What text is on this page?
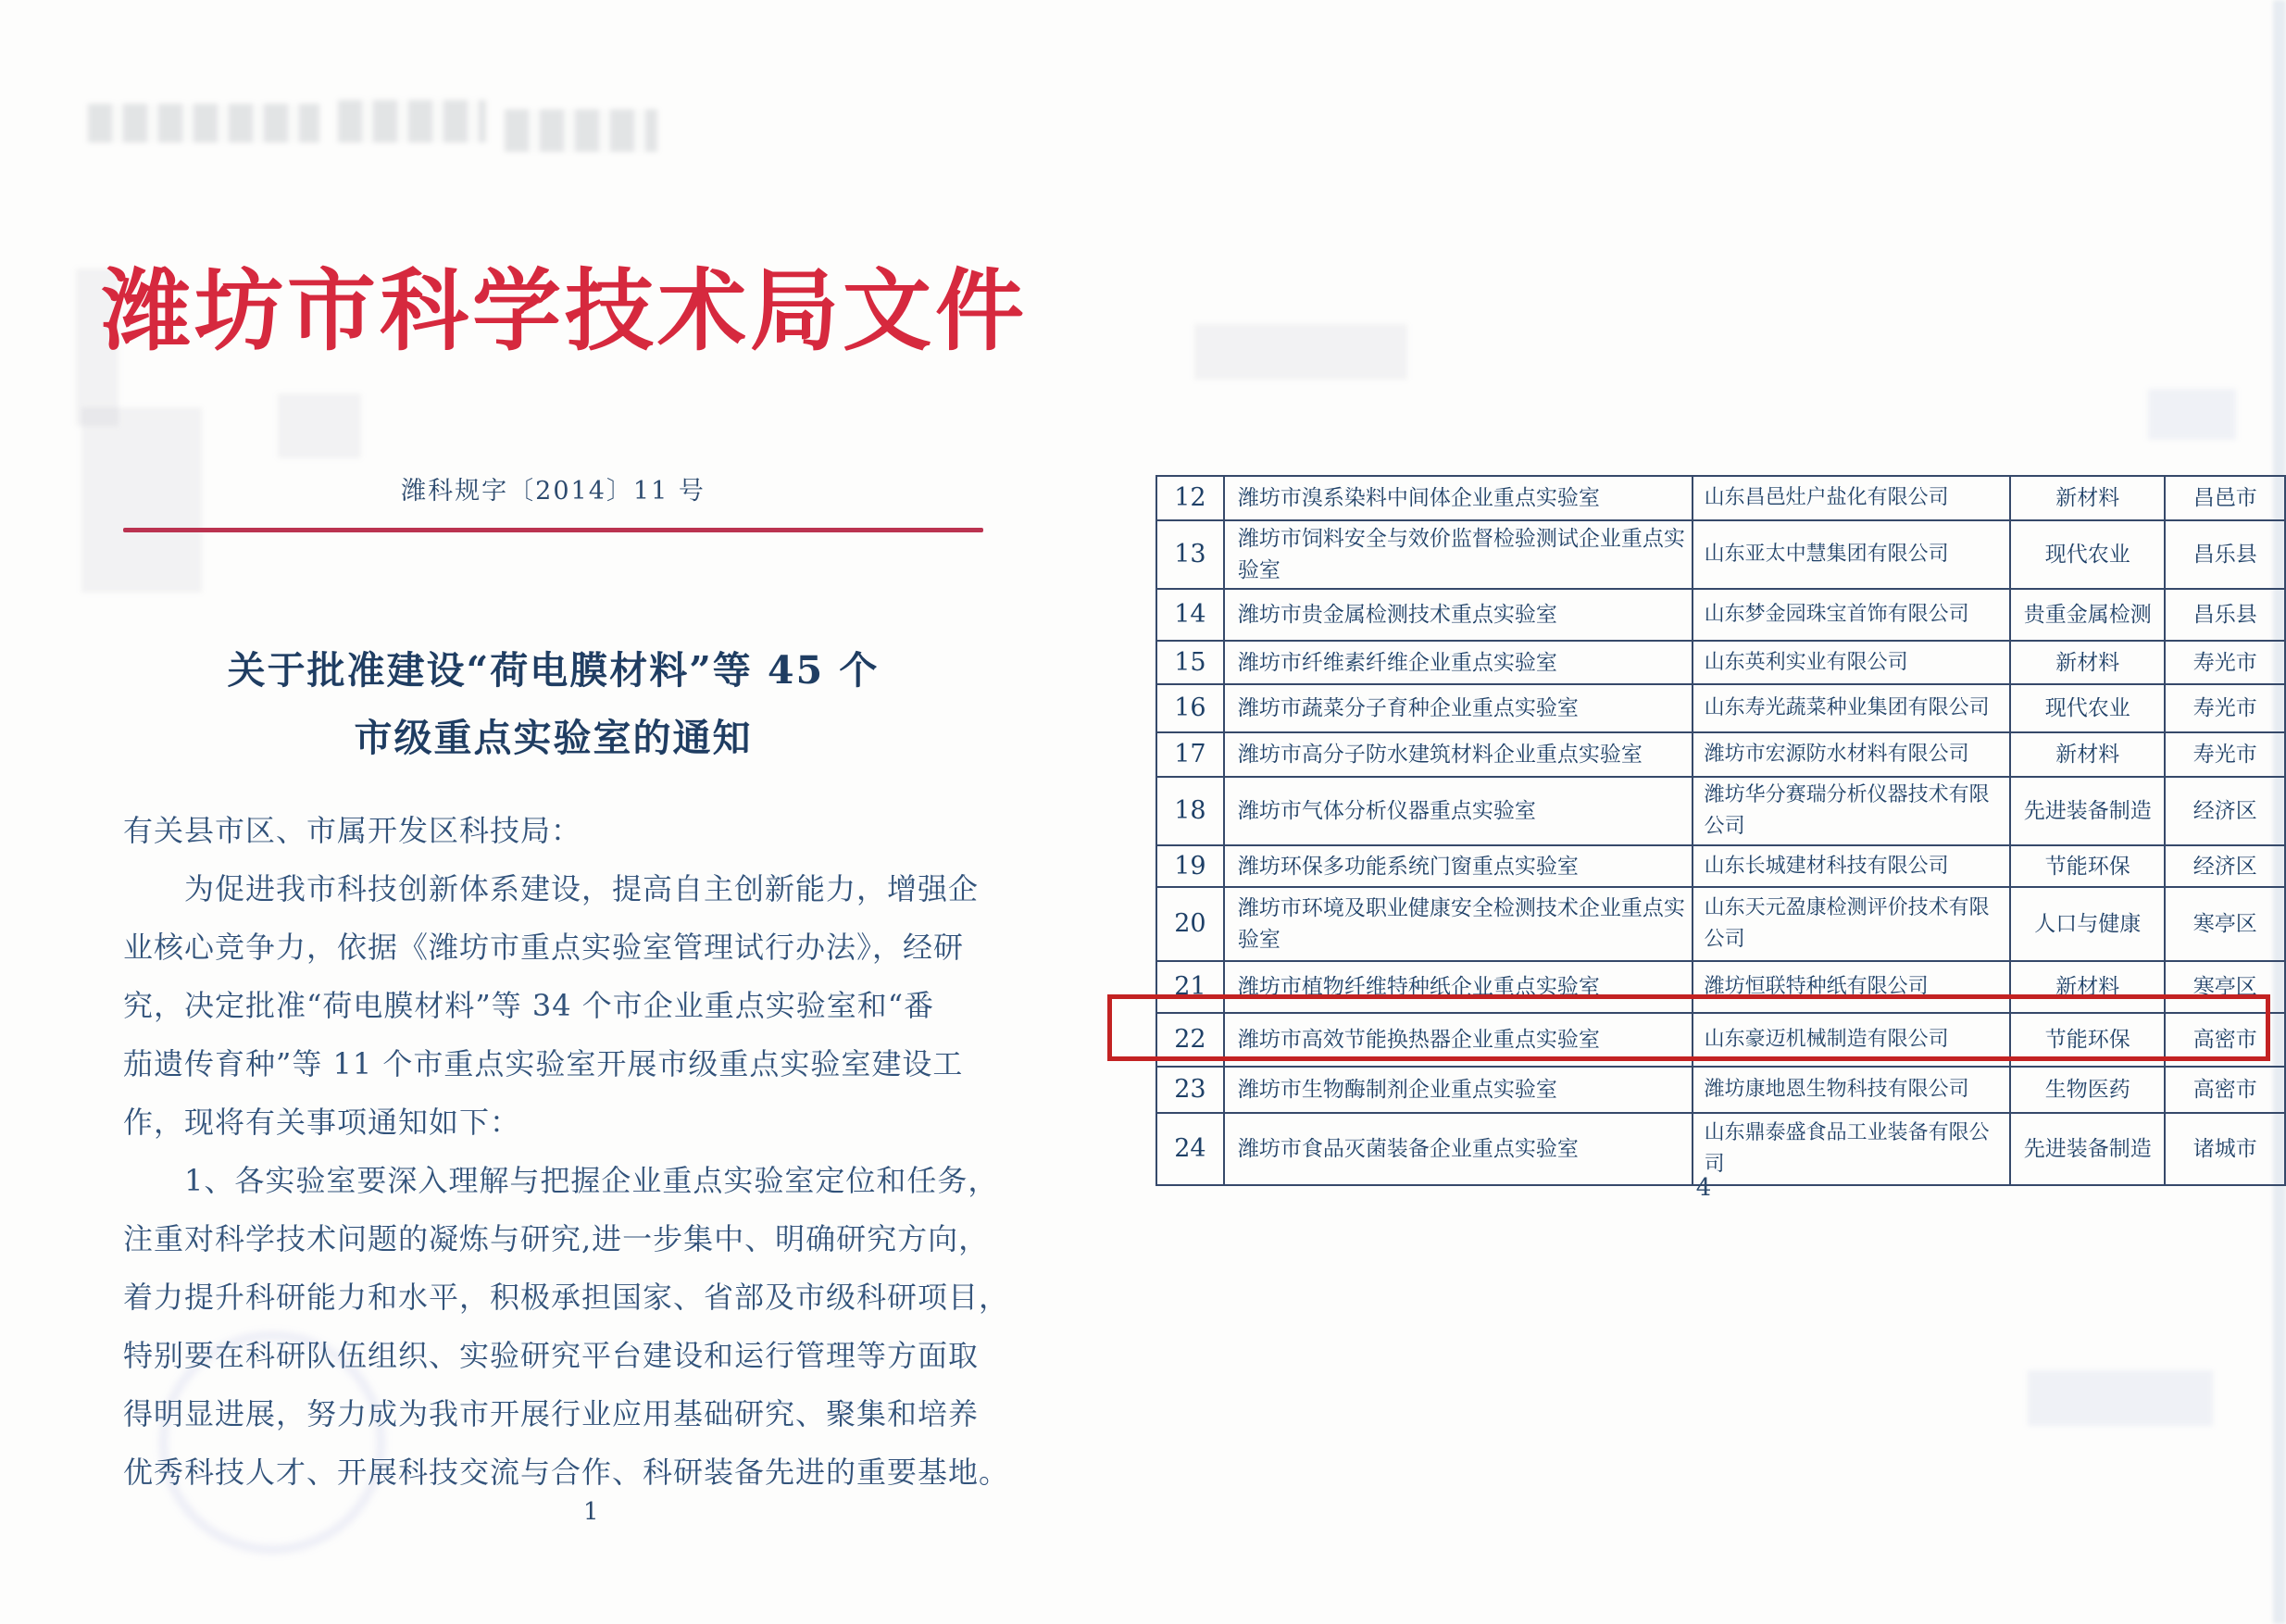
潍坊市科学技术局文件
潍科规字〔2014〕11 号
关于批准建设“荷电膜材料”等 45 个
市级重点实验室的通知
有关县市区、市属开发区科技局：
　　为促进我市科技创新体系建设，提高自主创新能力，增强企
业核心竞争力，依据《潍坊市重点实验室管理试行办法》，经研
究，决定批准“荷电膜材料”等 34 个市企业重点实验室和“番
茄遗传育种”等 11 个市重点实验室开展市级重点实验室建设工
作，现将有关事项通知如下：
　　1、各实验室要深入理解与把握企业重点实验室定位和任务，
注重对科学技术问题的凝炼与研究,进一步集中、明确研究方向，
着力提升科研能力和水平，积极承担国家、省部及市级科研项目，
特别要在科研队伍组织、实验研究平台建设和运行管理等方面取
得明显进展，努力成为我市开展行业应用基础研究、聚集和培养
优秀科技人才、开展科技交流与合作、科研装备先进的重要基地。
1
12	潍坊市溴系染料中间体企业重点实验室	山东昌邑灶户盐化有限公司	新材料	昌邑市
13	潍坊市饲料安全与效价监督检验测试企业重点实验室	山东亚太中慧集团有限公司	现代农业	昌乐县
14	潍坊市贵金属检测技术重点实验室	山东梦金园珠宝首饰有限公司	贵重金属检测	昌乐县
15	潍坊市纤维素纤维企业重点实验室	山东英利实业有限公司	新材料	寿光市
16	潍坊市蔬菜分子育种企业重点实验室	山东寿光蔬菜种业集团有限公司	现代农业	寿光市
17	潍坊市高分子防水建筑材料企业重点实验室	潍坊市宏源防水材料有限公司	新材料	寿光市
18	潍坊市气体分析仪器重点实验室	潍坊华分赛瑞分析仪器技术有限公司	先进装备制造	经济区
19	潍坊环保多功能系统门窗重点实验室	山东长城建材科技有限公司	节能环保	经济区
20	潍坊市环境及职业健康安全检测技术企业重点实验室	山东天元盈康检测评价技术有限公司	人口与健康	寒亭区
21	潍坊市植物纤维特种纸企业重点实验室	潍坊恒联特种纸有限公司	新材料	寒亭区
22	潍坊市高效节能换热器企业重点实验室	山东豪迈机械制造有限公司	节能环保	高密市
23	潍坊市生物酶制剂企业重点实验室	潍坊康地恩生物科技有限公司	生物医药	高密市
24	潍坊市食品灭菌装备企业重点实验室	山东鼎泰盛食品工业装备有限公司	先进装备制造	诸城市
4
